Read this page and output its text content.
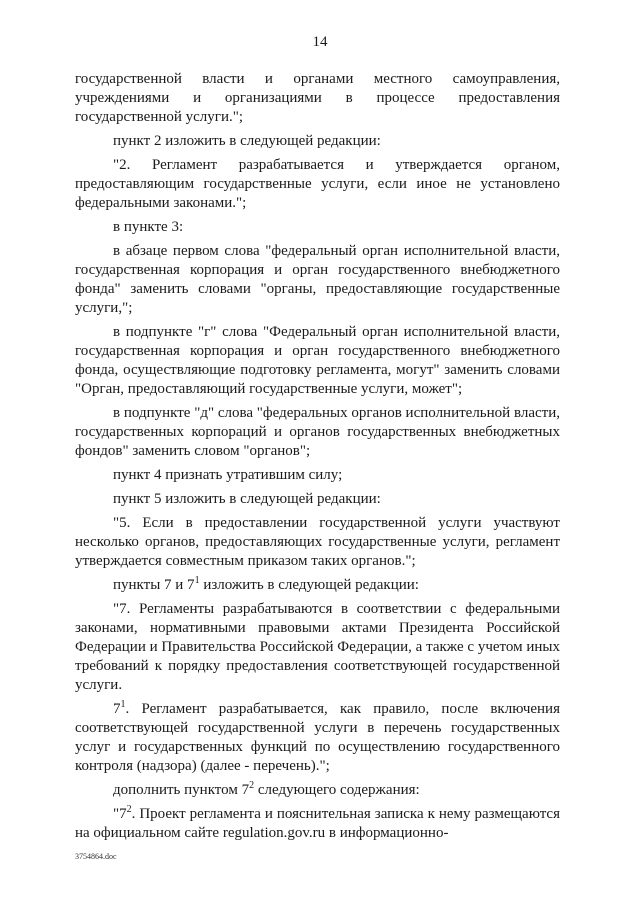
14

государственной власти и органами местного самоуправления, учреждениями и организациями в процессе предоставления государственной услуги.";

пункт 2 изложить в следующей редакции:

"2. Регламент разрабатывается и утверждается органом, предоставляющим государственные услуги, если иное не установлено федеральными законами.";

в пункте 3:

в абзаце первом слова "федеральный орган исполнительной власти, государственная корпорация и орган государственного внебюджетного фонда" заменить словами "органы, предоставляющие государственные услуги,";

в подпункте "г" слова "Федеральный орган исполнительной власти, государственная корпорация и орган государственного внебюджетного фонда, осуществляющие подготовку регламента, могут" заменить словами "Орган, предоставляющий государственные услуги, может";

в подпункте "д" слова "федеральных органов исполнительной власти, государственных корпораций и органов государственных внебюджетных фондов" заменить словом "органов";

пункт 4 признать утратившим силу;

пункт 5 изложить в следующей редакции:

"5. Если в предоставлении государственной услуги участвуют несколько органов, предоставляющих государственные услуги, регламент утверждается совместным приказом таких органов.";

пункты 7 и $7^1$ изложить в следующей редакции:

"7. Регламенты разрабатываются в соответствии с федеральными законами, нормативными правовыми актами Президента Российской Федерации и Правительства Российской Федерации, а также с учетом иных требований к порядку предоставления соответствующей государственной услуги.

$7^1$. Регламент разрабатывается, как правило, после включения соответствующей государственной услуги в перечень государственных услуг и государственных функций по осуществлению государственного контроля (надзора) (далее - перечень).";

дополнить пунктом $7^2$ следующего содержания:

"$7^2$. Проект регламента и пояснительная записка к нему размещаются на официальном сайте regulation.gov.ru в информационно-

3754864.doc
